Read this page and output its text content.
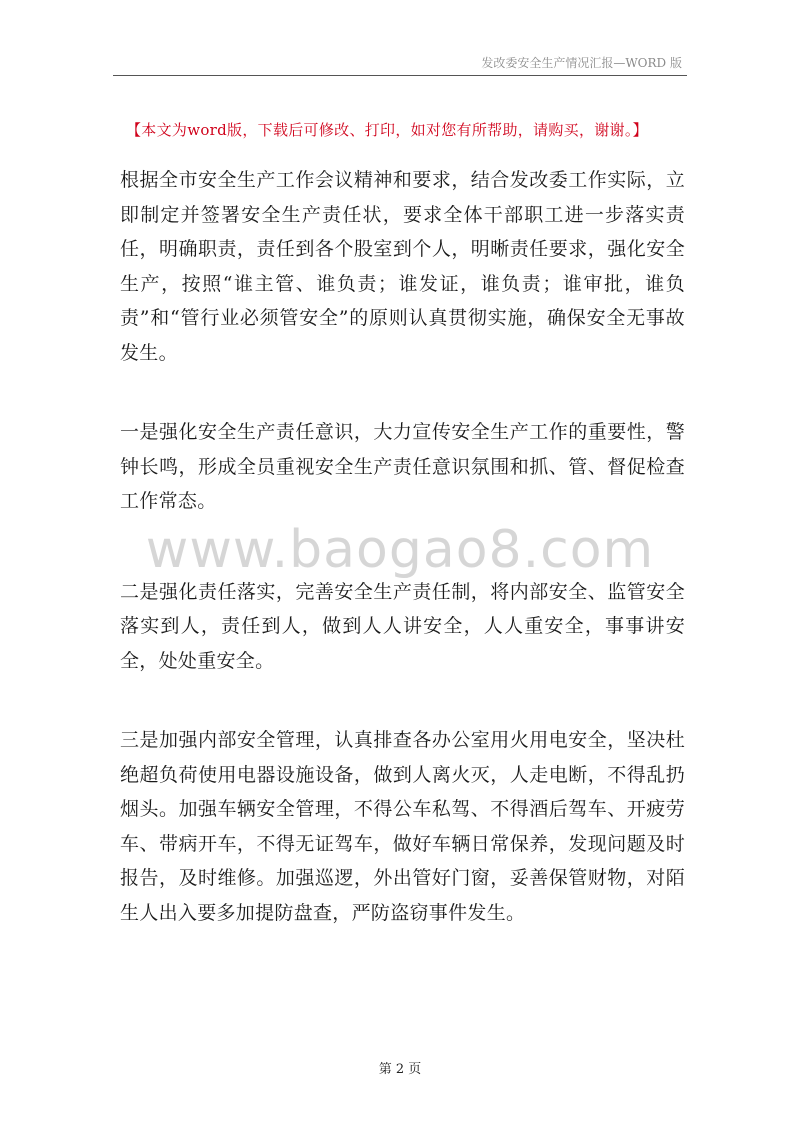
发改委安全生产情况汇报—WORD 版
【本文为word版，下载后可修改、打印，如对您有所帮助，请购买，谢谢。】

根据全市安全生产工作会议精神和要求，结合发改委工作实际，立即制定并签署安全生产责任状，要求全体干部职工进一步落实责任，明确职责，责任到各个股室到个人，明晰责任要求，强化安全生产，按照“谁主管、谁负责；谁发证，谁负责；谁审批，谁负责”和“管行业必须管安全”的原则认真贯彻实施，确保安全无事故发生。

一是强化安全生产责任意识，大力宣传安全生产工作的重要性，警钟长鸣，形成全员重视安全生产责任意识氛围和抓、管、督促检查工作常态。

二是强化责任落实，完善安全生产责任制，将内部安全、监管安全落实到人，责任到人，做到人人讲安全，人人重安全，事事讲安全，处处重安全。

三是加强内部安全管理，认真排查各办公室用火用电安全，坚决杜绝超负荷使用电器设施设备，做到人离火灭，人走电断，不得乱扔烟头。加强车辆安全管理，不得公车私驾、不得酒后驾车、开疲劳车、带病开车，不得无证驾车，做好车辆日常保养，发现问题及时报告，及时维修。加强巡逻，外出管好门窗，妥善保管财物，对陌生人出入要多加提防盘查，严防盗窃事件发生。

www.baogao8.com
第 2 页
